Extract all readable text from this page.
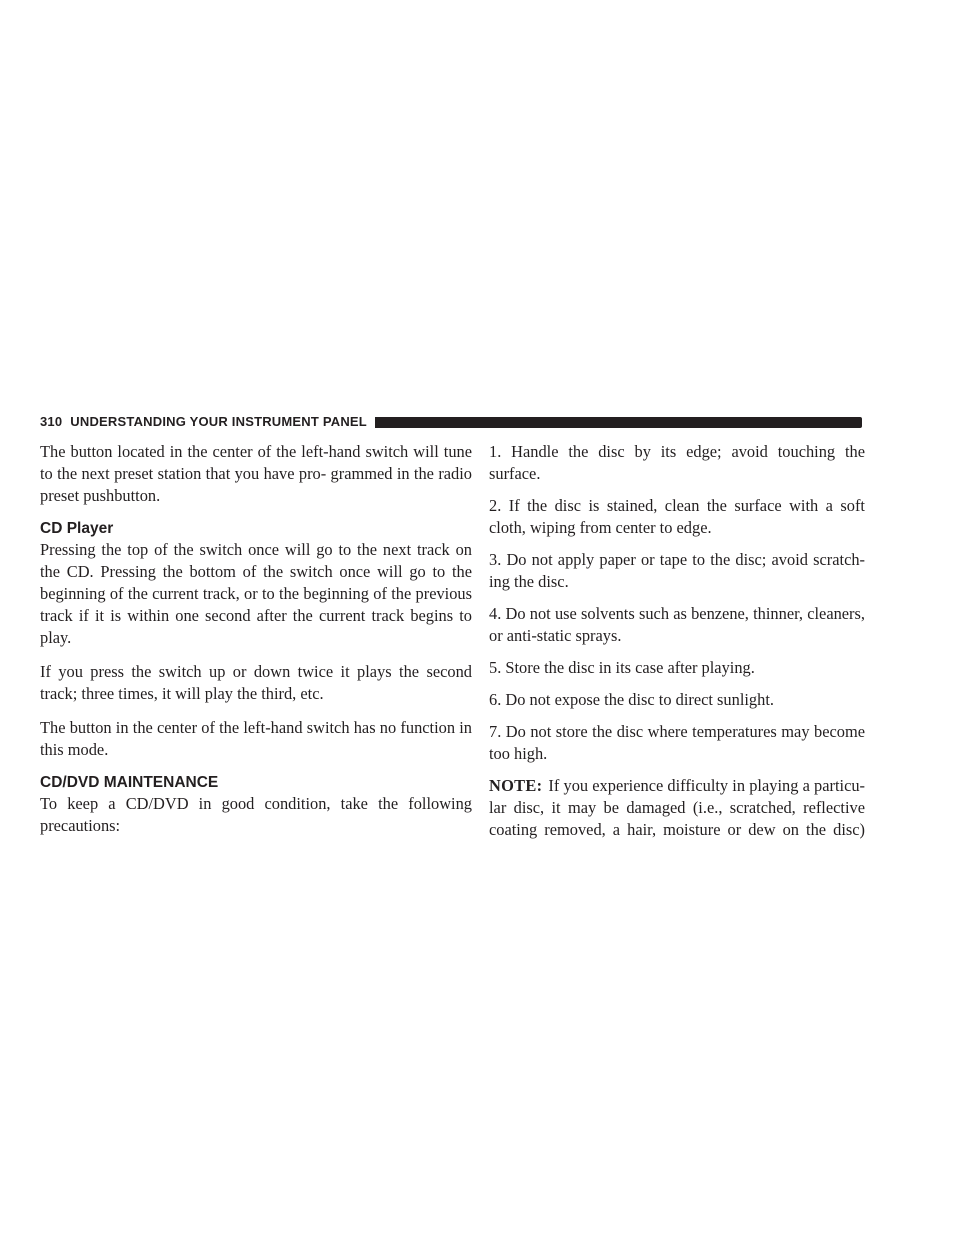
310 UNDERSTANDING YOUR INSTRUMENT PANEL

The button located in the center of the left-hand switch will tune to the next preset station that you have pro- grammed in the radio preset pushbutton.

CD Player

Pressing the top of the switch once will go to the next track on the CD. Pressing the bottom of the switch once will go to the beginning of the current track, or to the beginning of the previous track if it is within one second after the current track begins to play.

If you press the switch up or down twice it plays the second track; three times, it will play the third, etc.

The button in the center of the left-hand switch has no function in this mode.

CD/DVD MAINTENANCE

To keep a CD/DVD in good condition, take the following precautions:

1. Handle the disc by its edge; avoid touching the surface.

2. If the disc is stained, clean the surface with a soft cloth, wiping from center to edge.

3. Do not apply paper or tape to the disc; avoid scratch- ing the disc.

4. Do not use solvents such as benzene, thinner, cleaners, or anti-static sprays.

5. Store the disc in its case after playing.

6. Do not expose the disc to direct sunlight.

7. Do not store the disc where temperatures may become too high.

NOTE: If you experience difficulty in playing a particu- lar disc, it may be damaged (i.e., scratched, reflective coating removed, a hair, moisture or dew on the disc)
